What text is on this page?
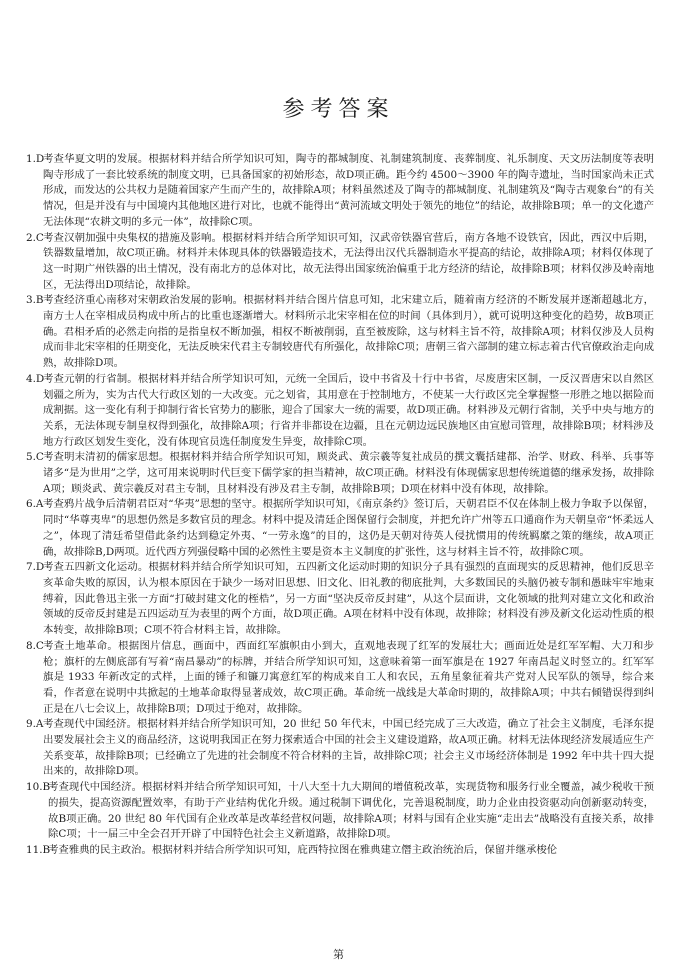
参考答案

1.D
考查华夏文明的发展。根据材料并结合所学知识可知，陶寺的都城制度、礼制建筑制度、丧葬制度、礼乐制度、天文历法制度等表明陶寺形成了一套比较系统的制度文明，已具备国家的初始形态，故D项正确。距今约 4500～3900 年的陶寺遗址，当时国家尚未正式形成，而发达的公共权力是随着国家产生而产生的，故排除A项；材料虽然述及了陶寺的都城制度、礼制建筑及“陶寺古观象台”的有关情况，但是并没有与中国境内其他地区进行对比，也就不能得出“黄河流域文明处于领先的地位”的结论，故排除B项；单一的文化遗产无法体现“农耕文明的多元一体”，故排除C项。

2.C 考查汉朝加强中央集权的措施及影响。根据材料并结合所学知识可知，汉武帝铁器官营后，南方各地不设铁官，因此，西汉中后期，铁器数量增加，故C项正确。材料并未体现具体的铁器锻造技术，无法得出汉代兵器制造水平提高的结论，故排除A项；材料仅体现了这一时期广州铁器的出土情况，没有南北方的总体对比，故无法得出国家统治偏重于北方经济的结论，故排除B项；材料仅涉及岭南地区，无法得出D项结论，故排除。

3.B 考查经济重心南移对宋朝政治发展的影响。根据材料并结合图片信息可知，北宋建立后，随着南方经济的不断发展并逐渐超越北方，南方士人在宰相成员构成中所占的比重也逐渐增大。材料所示北宋宰相在位的时间（具体到月），就可说明这种变化的趋势，故B项正确。君相矛盾的必然走向指的是指皇权不断加强，相权不断被削弱，直至被废除，这与材料主旨不符，故排除A项；材料仅涉及人员构成而非北宋宰相的任期变化，无法反映宋代君主专制较唐代有所强化，故排除C项；唐朝三省六部制的建立标志着古代官僚政治走向成熟，故排除D项。

4.D
考查元朝的行省制。根据材料并结合所学知识可知，元统一全国后，设中书省及十行中书省，尽废唐宋区制，一反汉晋唐宋以自然区划疆之所为，实为古代大行政区划的一大改变。元之划省，其用意在于控制地方，不使某一大行政区完全掌握整一形胜之地以据险而成割据。这一变化有利于抑制行省长官势力的膨胀，迎合了国家大一统的需要，故D项正确。材料涉及元朝行省制，关乎中央与地方的关系，无法体现专制皇权得到强化，故排除A项；行省并非都设在边疆，且在元朝边远民族地区由宣慰司管理，故排除B项；材料涉及地方行政区划发生变化，没有体现官员选任制度发生异变，故排除C项。

5.C 考查明末清初的儒家思想。根据材料并结合所学知识可知，顾炎武、黄宗羲等复社成员的撰文囊括建都、治学、财政、科举、兵事等诸多“是为世用”之学，这可用来说明时代巨变下儒学家的担当精神，故C项正确。材料没有体现儒家思想传统道德的继承发扬，故排除A项；顾炎武、黄宗羲反对君主专制，且材料没有涉及君主专制，故排除B项；D项在材料中没有体现，故排除。

6.A 考查鸦片战争后清朝君臣对“华夷”思想的坚守。根据所学知识可知，《南京条约》签订后，天朝君臣不仅在体制上极力争取予以保留，同时“华尊夷卑”的思想仍然是多数官员的理念。材料中提及清廷企图保留行会制度，并把允许广州等五口通商作为天朝皇帝“怀柔远人之”，体现了清廷希望借此条约达到稳定外夷、“一劳永逸”的目的，这仍是天朝对待英人侵扰惯用的传统羁縻之策的继续，故A项正确，故排除B,D两项。近代西方列强侵略中国的必然性主要是资本主义制度的扩张性，这与材料主旨不符，故排除C项。

7.D
考查五四新文化运动。根据材料并结合所学知识可知，五四新文化运动时期的知识分子具有强烈的直面现实的反思精神，他们反思辛亥革命失败的原因，认为根本原因在于缺少一场对旧思想、旧文化、旧礼教的彻底批判，大多数国民的头脑仍被专制和愚昧牢牢地束缚着，因此鲁迅主张一方面“打破封建文化的桎梏”，另一方面“坚决反帝反封建”，从这个层面讲，文化领域的批判对建立文化和政治领域的反帝反封建是五四运动互为表里的两个方面，故D项正确。A项在材料中没有体现，故排除；材料没有涉及新文化运动性质的根本转变，故排除B项；C项不符合材料主旨，故排除。

8.C 考查土地革命。根据图片信息，画面中，西面红军旗帜由小到大，直观地表现了红军的发展壮大；画面近处是红军军帽、大刀和步枪；旗杆的左侧底部有写着“南昌暴动”的标牌，并结合所学知识可知，这意味着第一面军旗是在 1927 年南昌起义时竖立的。红军军旗是 1933 年新改定的式样，上面的锤子和镰刀寓意红军的构成来自工人和农民，五角星象征着共产党对人民军队的领导，综合来看，作者意在说明中共掀起的土地革命取得显著成效，故C项正确。革命统一战线是大革命时期的，故排除A项；中共右倾错误得到纠正是在八七会议上，故排除B项；D项过于绝对，故排除。

9.A 考查现代中国经济。根据材料并结合所学知识可知，20 世纪 50 年代末，中国已经完成了三大改造，确立了社会主义制度，毛泽东提出要发展社会主义的商品经济，这说明我国正在努力探索适合中国的社会主义建设道路，故A项正确。材料无法体现经济发展适应生产关系变革，故排除B项；已经确立了先进的社会制度不符合材料的主旨，故排除C项；社会主义市场经济体制是 1992 年中共十四大提出来的，故排除D项。

10.B
考查现代中国经济。根据材料并结合所学知识可知，十八大至十九大期间的增值税改革，实现货物和服务行业全覆盖，减少税收干预的损失，提高资源配置效率，有助于产业结构优化升级。通过税制下调优化，完善退税制度，助力企业由投资驱动向创新驱动转变，故B项正确。20 世纪 80 年代国有企业改革是改革经营权问题，故排除A项；材料与国有企业实施“走出去”战略没有直接关系，故排除C项；十一届三中全会召开开辟了中国特色社会主义新道路，故排除D项。

11.B
考查雅典的民主政治。根据材料并结合所学知识可知，庇西特拉图在雅典建立僭主政治统治后，保留并继承梭伦

第
